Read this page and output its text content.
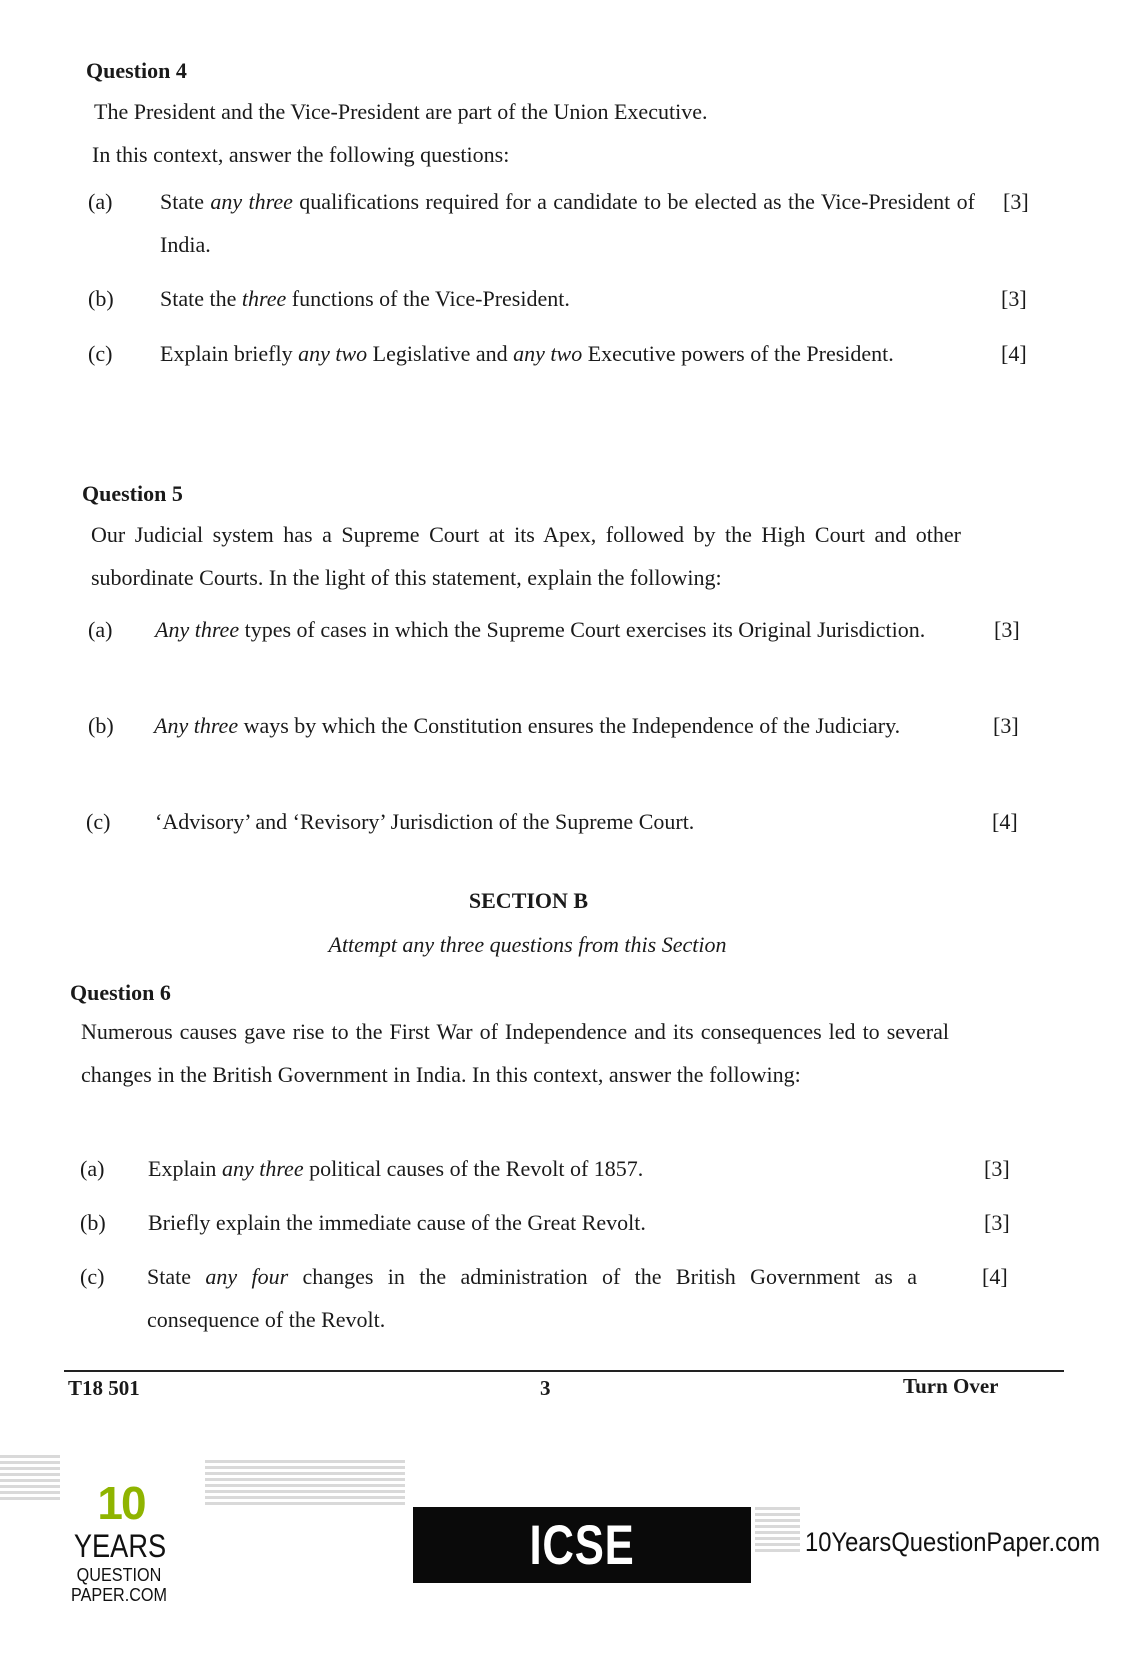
Question 4
The President and the Vice-President are part of the Union Executive.
In this context, answer the following questions:
(a) State any three qualifications required for a candidate to be elected as the Vice-President of India.
[3]
(b) State the three functions of the Vice-President.	[3]
(c) Explain briefly any two Legislative and any two Executive powers of the President.	[4]
Question 5
Our Judicial system has a Supreme Court at its Apex, followed by the High Court and other subordinate Courts. In the light of this statement, explain the following:
(a) Any three types of cases in which the Supreme Court exercises its Original Jurisdiction.	[3]
(b) Any three ways by which the Constitution ensures the Independence of the Judiciary.	[3]
(c) ‘Advisory’ and ‘Revisory’ Jurisdiction of the Supreme Court.	[4]
SECTION B
Attempt any three questions from this Section
Question 6
Numerous causes gave rise to the First War of Independence and its consequences led to several changes in the British Government in India. In this context, answer the following:
(a) Explain any three political causes of the Revolt of 1857.	[3]
(b) Briefly explain the immediate cause of the Great Revolt.	[3]
(c) State any four changes in the administration of the British Government as a consequence of the Revolt.
[4]
T18 501	3	Turn Over
10
YEARS
QUESTION PAPER.COM
ICSE BOARD X
10YearsQuestionPaper.com
